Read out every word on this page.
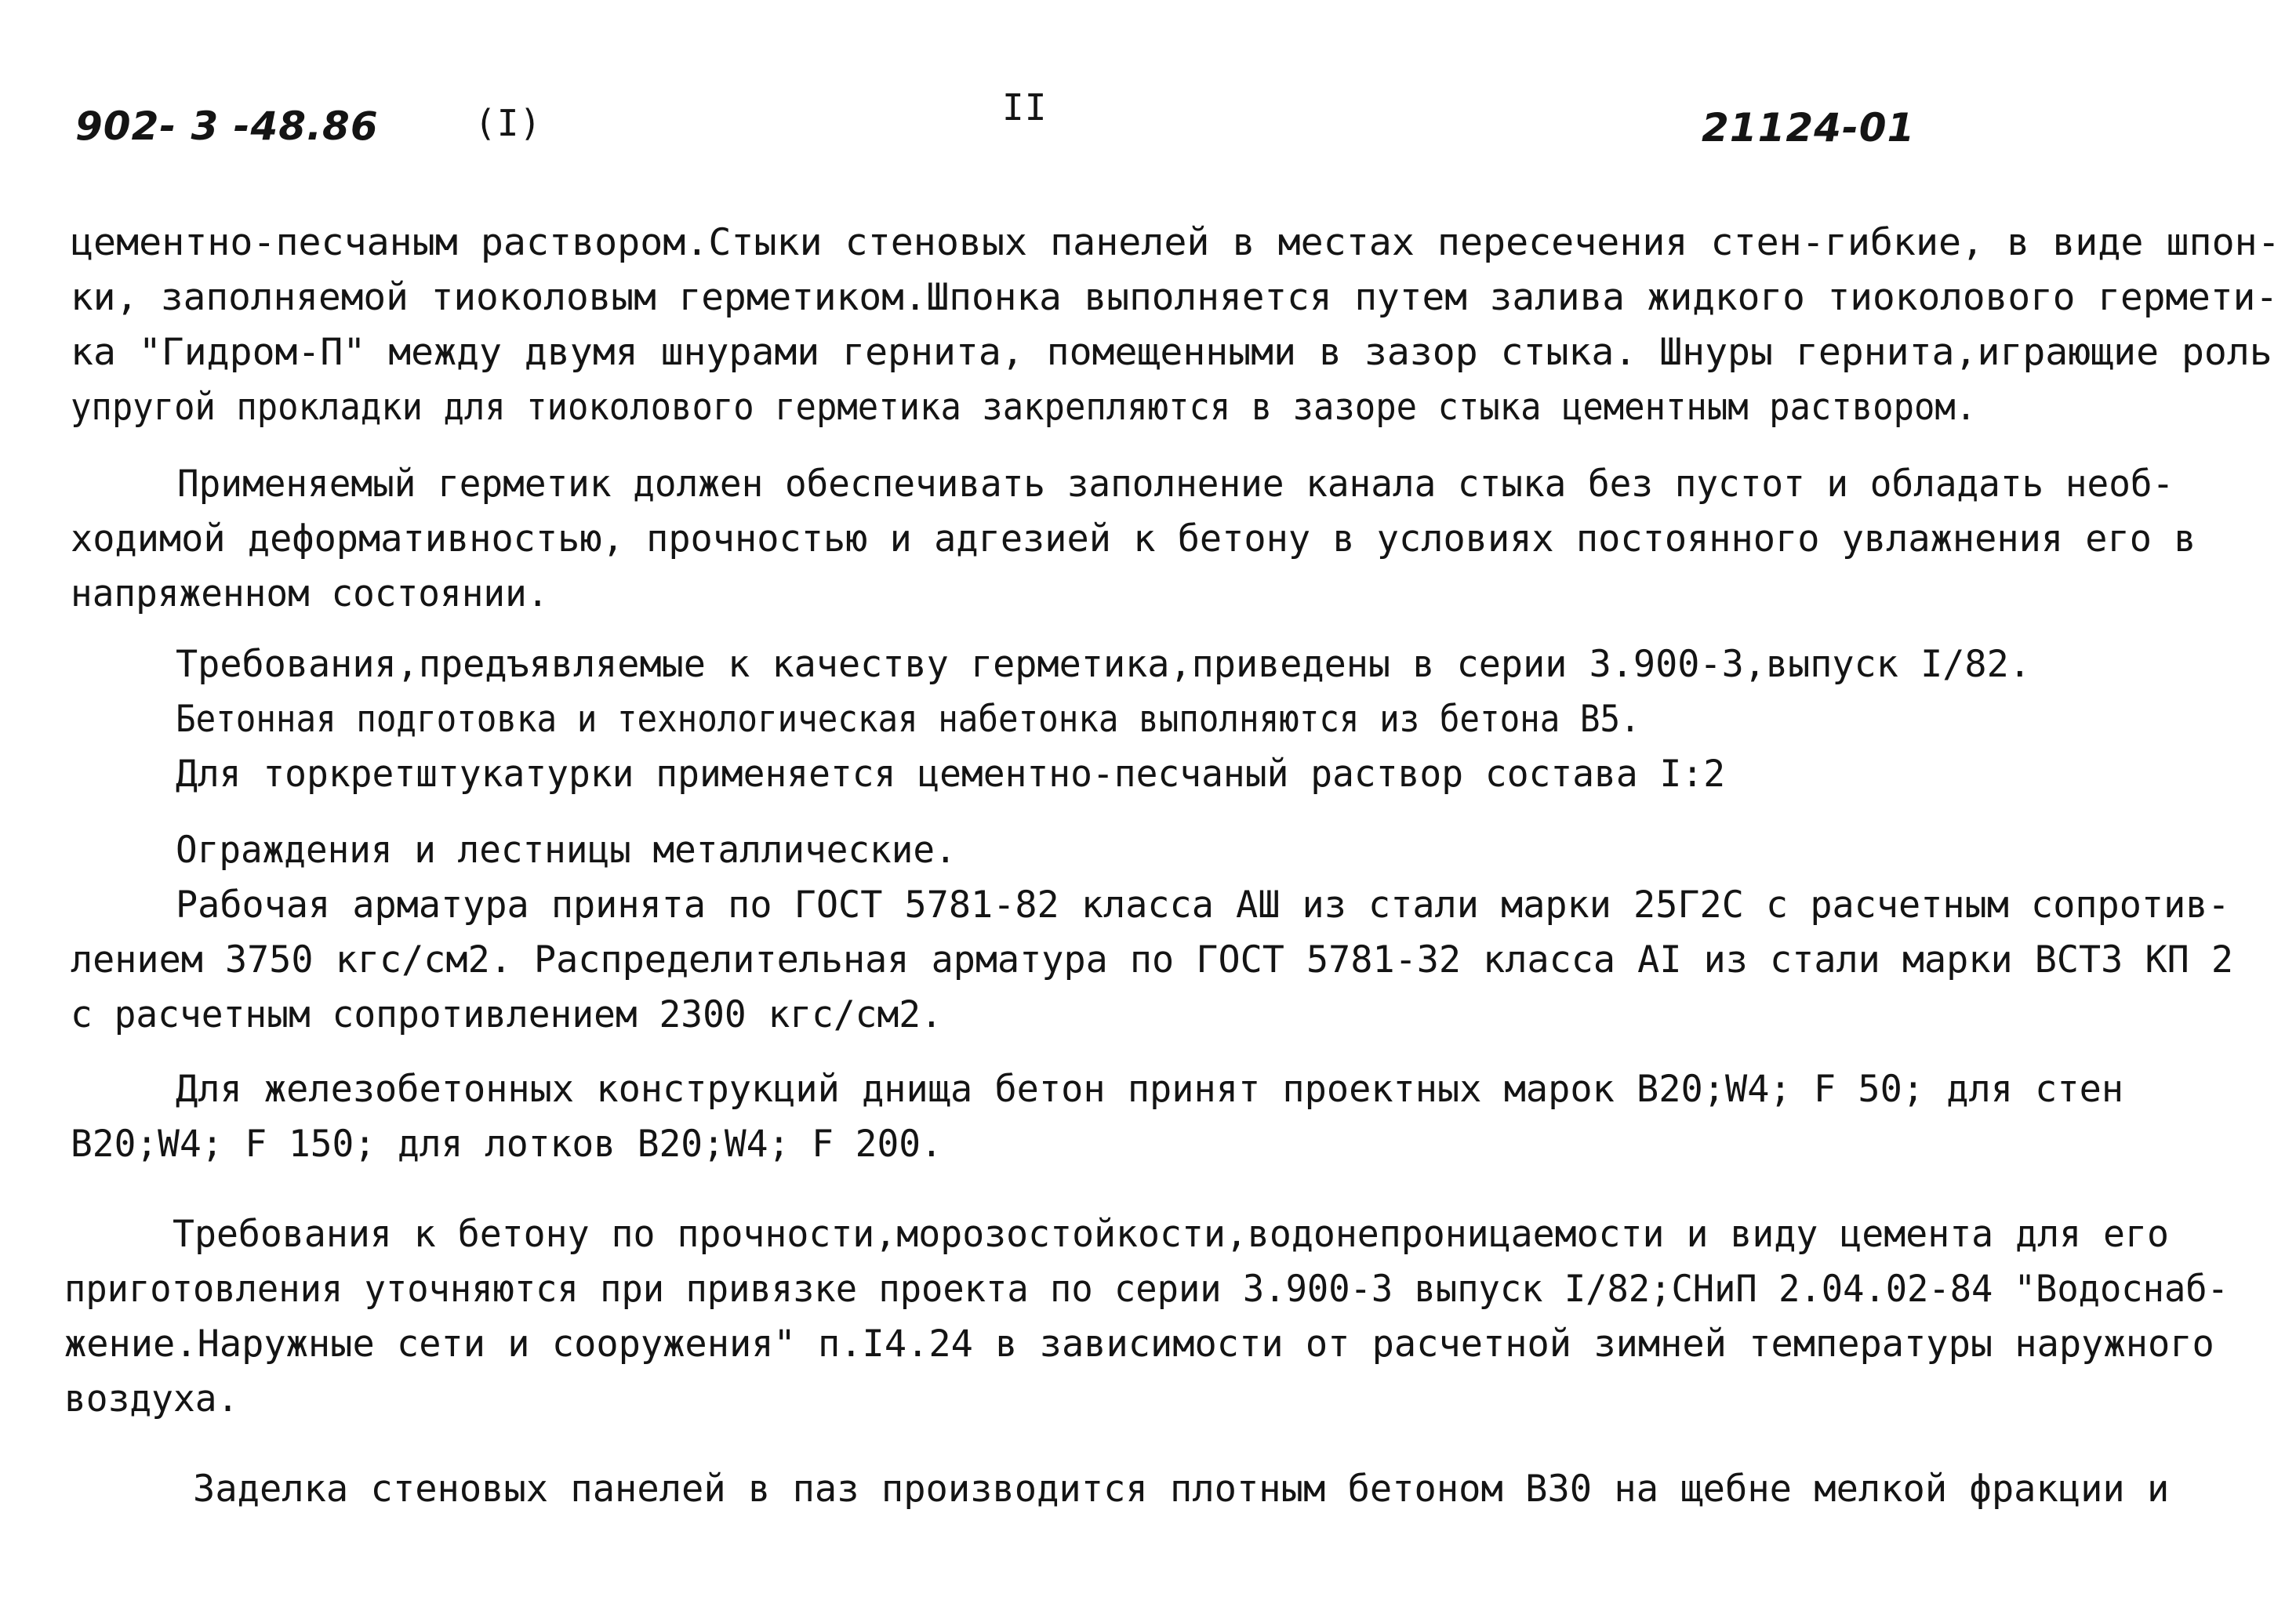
902- 3 -48.86	(I)	II	21124-01
цементно-песчаным раствором.Стыки стеновых панелей в местах пересечения стен-гибкие, в виде шпон-
ки, заполняемой тиоколовым герметиком.Шпонка выполняется путем залива жидкого тиоколового гермети-
ка "Гидром-П" между двумя шнурами гернита, помещенными в зазор стыка. Шнуры гернита,играющие роль
упругой прокладки для тиоколового герметика закрепляются в зазоре стыка цементным раствором.
Применяемый герметик должен обеспечивать заполнение канала стыка без пустот и обладать необ-
ходимой деформативностью, прочностью и адгезией к бетону в условиях постоянного увлажнения его в
напряженном состоянии.
Требования,предъявляемые к качеству герметика,приведены в серии 3.900-3,выпуск I/82.
Бетонная подготовка и технологическая набетонка выполняются из бетона В5.
Для торкретштукатурки применяется цементно-песчаный раствор состава I:2
Ограждения и лестницы металлические.
Рабочая арматура принята по ГОСТ 5781-82 класса АШ из стали марки 25Г2С с расчетным сопротив-
лением 3750 кгс/см2. Распределительная арматура по ГОСТ 5781-32 класса АI из стали марки ВСТ3 КП 2
с расчетным сопротивлением 2300 кгс/см2.
Для железобетонных конструкций днища бетон принят проектных марок В20;W4; F 50; для стен
В20;W4; F 150; для лотков В20;W4; F 200.
Требования к бетону по прочности,морозостойкости,водонепроницаемости и виду цемента для его
приготовления уточняются при привязке проекта по серии 3.900-3 выпуск I/82;СНиП 2.04.02-84 "Водоснаб-
жение.Наружные сети и сооружения" п.I4.24 в зависимости от расчетной зимней температуры наружного
воздуха.
Заделка стеновых панелей в паз производится плотным бетоном В30 на щебне мелкой фракции и
